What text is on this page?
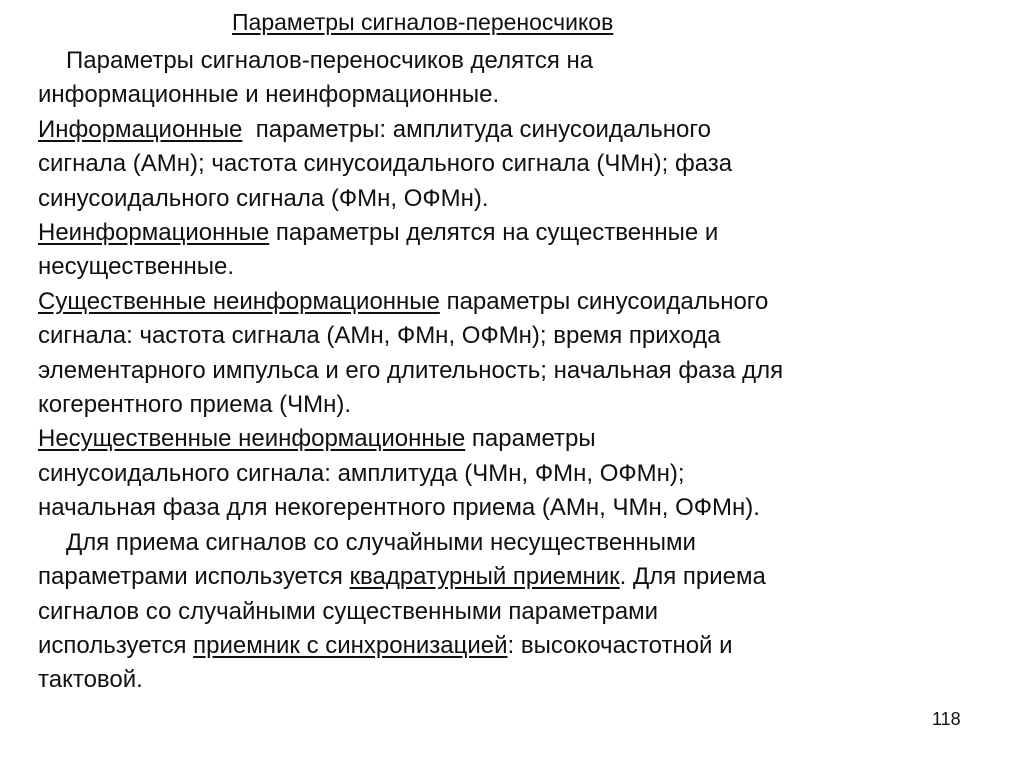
Параметры сигналов-переносчиков
Параметры сигналов-переносчиков делятся на
информационные и неинформационные.
Информационные  параметры: амплитуда синусоидального
сигнала (АМн); частота синусоидального сигнала (ЧМн); фаза
синусоидального сигнала (ФМн, ОФМн).
Неинформационные параметры делятся на существенные и
несущественные.
Существенные неинформационные параметры синусоидального
сигнала: частота сигнала (АМн, ФМн, ОФМн); время прихода
элементарного импульса и его длительность; начальная фаза для
когерентного приема (ЧМн).
Несущественные неинформационные параметры
синусоидального сигнала: амплитуда (ЧМн, ФМн, ОФМн);
начальная фаза для некогерентного приема (АМн, ЧМн, ОФМн).
Для приема сигналов со случайными несущественными
параметрами используется квадратурный приемник. Для приема
сигналов со случайными существенными параметрами
используется приемник с синхронизацией: высокочастотной и
тактовой.
118
